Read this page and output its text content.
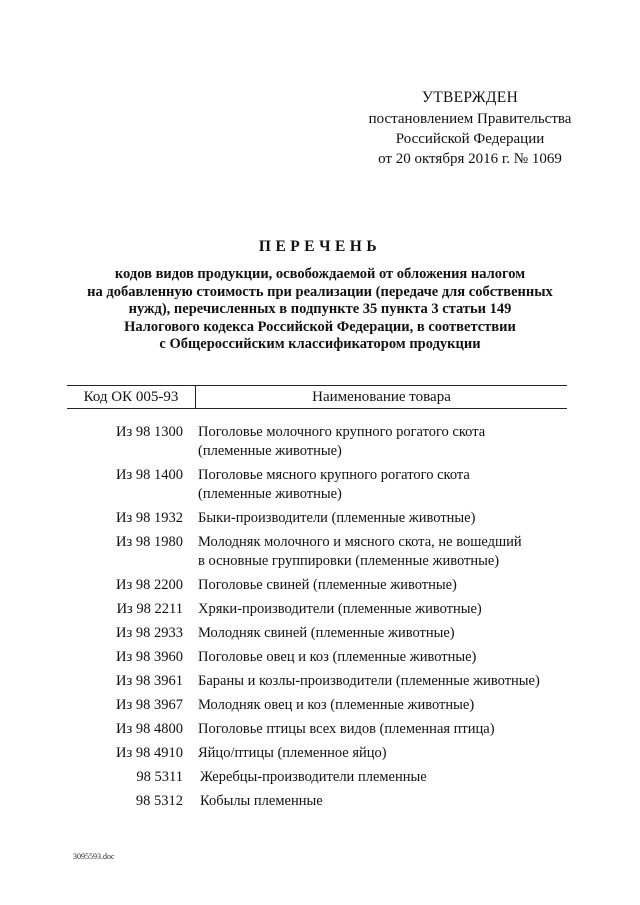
УТВЕРЖДЕН
постановлением Правительства
Российской Федерации
от 20 октября 2016 г. № 1069
ПЕРЕЧЕНЬ
кодов видов продукции, освобождаемой от обложения налогом
на добавленную стоимость при реализации (передаче для собственных
нужд), перечисленных в подпункте 35 пункта 3 статьи 149
Налогового кодекса Российской Федерации, в соответствии
с Общероссийским классификатором продукции
Код ОК 005-93	Наименование товара
Из 98 1300	Поголовье молочного крупного рогатого скота
(племенные животные)
Из 98 1400	Поголовье мясного крупного рогатого скота
(племенные животные)
Из 98 1932	Быки-производители (племенные животные)
Из 98 1980	Молодняк молочного и мясного скота, не вошедший
в основные группировки (племенные животные)
Из 98 2200	Поголовье свиней (племенные животные)
Из 98 2211	Хряки-производители (племенные животные)
Из 98 2933	Молодняк свиней (племенные животные)
Из 98 3960	Поголовье овец и коз (племенные животные)
Из 98 3961	Бараны и козлы-производители (племенные животные)
Из 98 3967	Молодняк овец и коз (племенные животные)
Из 98 4800	Поголовье птицы всех видов (племенная птица)
Из 98 4910	Яйцо/птицы (племенное яйцо)
98 5311	Жеребцы-производители племенные
98 5312	Кобылы племенные
3095593.doc
